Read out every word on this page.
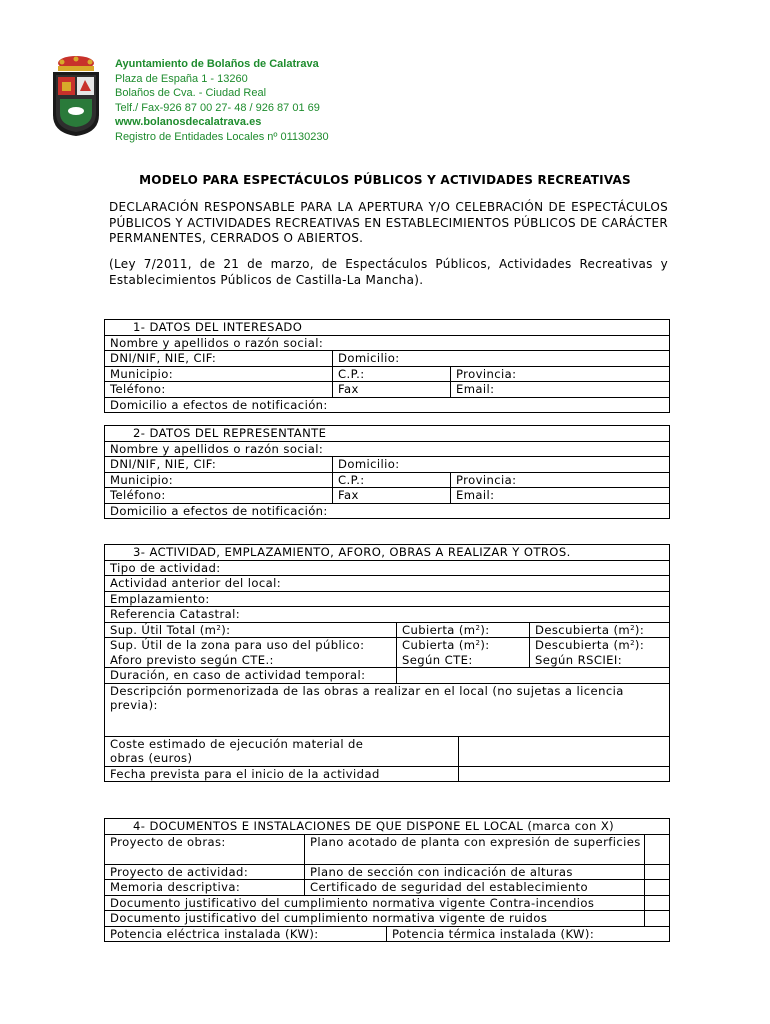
Ayuntamiento de Bolaños de Calatrava
Plaza de España 1 - 13260
Bolaños de Cva. - Ciudad Real
Telf./ Fax-926 87 00 27- 48 / 926 87 01 69
www.bolanosdecalatrava.es
Registro de Entidades Locales nº 01130230
MODELO PARA ESPECTÁCULOS PÚBLICOS Y ACTIVIDADES RECREATIVAS
DECLARACIÓN RESPONSABLE PARA LA APERTURA Y/O CELEBRACIÓN DE ESPECTÁCULOS PÚBLICOS Y ACTIVIDADES RECREATIVAS EN ESTABLECIMIENTOS PÚBLICOS DE CARÁCTER PERMANENTES, CERRADOS O ABIERTOS.
(Ley 7/2011, de 21 de marzo, de Espectáculos Públicos, Actividades Recreativas y Establecimientos Públicos de Castilla-La Mancha).
1- DATOS DEL INTERESADO		
Nombre y apellidos o razón social:		
DNI/NIF, NIE, CIF:	Domicilio:	
Municipio:	C.P.:	Provincia:
Teléfono:	Fax	Email:
Domicilio a efectos de notificación:		
2- DATOS DEL REPRESENTANTE		
Nombre y apellidos o razón social:		
DNI/NIF, NIE, CIF:	Domicilio:	
Municipio:	C.P.:	Provincia:
Teléfono:	Fax	Email:
Domicilio a efectos de notificación:		
3- ACTIVIDAD, EMPLAZAMIENTO, AFORO, OBRAS A REALIZAR Y OTROS.			
Tipo de actividad:			
Actividad anterior del local:			
Emplazamiento:			
Referencia Catastral:			
Sup. Útil Total $(m^2)$:	Cubierta $(m^2)$:		Descubierta $(m^2)$:
Sup. Útil de la zona para uso del público:	Cubierta $(m^2)$:		Descubierta $(m^2)$:
Aforo previsto según CTE.:	Según CTE:		Según RSCIEI:
Duración, en caso de actividad temporal:			
Descripción pormenorizada de las obras a realizar en el local (no sujetas a licencia previa):			
Coste estimado de ejecución material de obras (euros)			
Fecha prevista para el inicio de la actividad			
4- DOCUMENTOS E INSTALACIONES DE QUE DISPONE EL LOCAL (marca con X)			
Proyecto de obras:	Plano acotado de planta con expresión de superficies		
Proyecto de actividad:	Plano de sección con indicación de alturas		
Memoria descriptiva:	Certificado de seguridad del establecimiento		
Documento justificativo del cumplimiento normativa vigente Contra-incendios			
Documento justificativo del cumplimiento normativa vigente de ruidos			
Potencia eléctrica instalada (KW):		Potencia térmica instalada (KW):	
